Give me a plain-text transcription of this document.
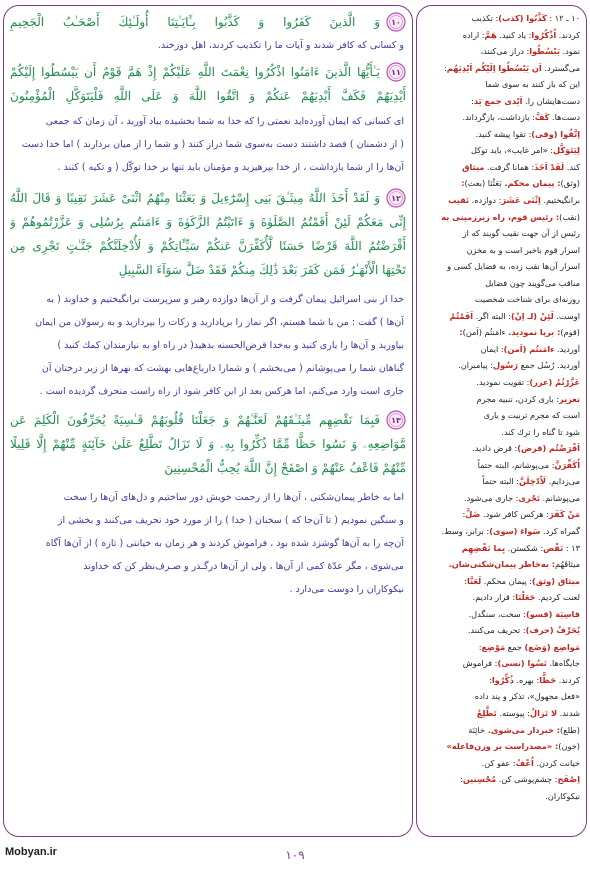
۱۰
وَ الَّذينَ كَفَرُوا وَ كَذَّبُوا بِـَٔايَـٰتِنَا أُولَـٰئِكَ أَصْحَـٰبُ الْجَحِيمِ
و كسانى كه كافر شدند و آيات ما را تكذيب كردند، اهل دوزخند.
۱۱
يَـٰأَيُّهَا الَّذينَ ءَامَنُوا اذْكُرُوا نِعْمَتَ اللَّهِ عَلَيْكُمْ إِذْ هَمَّ قَوْمٌ أَن يَبْسُطُوا إِلَيْكُمْ
أَيْدِيَهُمْ فَكَفَّ أَيْدِيَهُمْ عَنكُمْ وَ اتَّقُوا اللَّهَ وَ عَلَى اللَّهِ فَلْيَتَوَكَّلِ الْمُؤْمِنُونَ
اى كسانى كه ايمان آورده‌ايد نعمتى را كه خدا به شما بخشيده بياد آوريد ، آن زمان كه جمعى
( از دشمنان ) قصد داشتند دست به‌سوى شما دراز كنند ( و شما را از ميان بردارند ) اما خدا دست
آن‌ها را از شما بازداشت ، از خدا بپرهيزيد و مؤمنان بايد تنها بر خدا توكّل ( و تكيه ) كنند .
۱۲
وَ لَقَدْ أَخَذَ اللَّهُ مِيثَـٰقَ بَنِى إِسْرَٰٓءِيلَ وَ بَعَثْنَا مِنْهُمُ اثْنَىْ عَشَرَ نَقِيبًا وَ قَالَ اللَّهُ
إِنِّى مَعَكُمْ لَئِنْ أَقَمْتُمُ الصَّلَوٰةَ وَ ءَاتَيْتُمُ الزَّكَوٰةَ وَ ءَامَنتُم بِرُسُلِى وَ عَزَّرْتُمُوهُمْ وَ
أَقْرَضْتُمُ اللَّهَ قَرْضًا حَسَنًا لَّأُكَفِّرَنَّ عَنكُمْ سَيِّـَٔاتِكُمْ وَ لَأُدْخِلَنَّكُمْ جَنَّـٰتٍ تَجْرِى مِن
تَحْتِهَا الْأَنْهَـٰرُ فَمَن كَفَرَ بَعْدَ ذَٰلِكَ مِنكُمْ فَقَدْ ضَلَّ سَوَآءَ السَّبِيلِ
خدا از بنى اسرائيل پيمان گرفت و از آن‌ها دوازده رهبر و سرپرست برانگيختيم و خداوند ( به
آن‌ها ) گفت : من با شما هستم، اگر نماز را برپاداريد و زكات را بپردازيد و به رسولان من ايمان
بياوريد و آن‌ها را يارى كنيد و به‌خدا قرض‌الحسنه بدهيد( در راه او به نيازمندان كمك كنيد )
گناهان شما را مى‌پوشانم ( مى‌بخشم ) و شمارا دارباغ‌هايى بهشت كه نهرها از زير درختان آن
جارى است وارد مى‌كنم، اما هركس بعد از اين كافر شود از راه راست منحرف گرديده است .
۱۳
فَبِمَا نَقْضِهِم مِّيثَـٰقَهُمْ لَعَنَّـٰهُمْ وَ جَعَلْنَا قُلُوبَهُمْ قَـٰسِيَةً يُحَرِّفُونَ الْكَلِمَ عَن
مَّوَاضِعِهِۦ وَ نَسُوا حَظًّا مِّمَّا ذُكِّرُوا بِهِۦ وَ لَا تَزَالُ تَطَّلِعُ عَلَىٰ خَآئِنَةٍ مِّنْهُمْ إِلَّا قَلِيلًا
مِّنْهُمْ فَاعْفُ عَنْهُمْ وَ اصْفَحْ إِنَّ اللَّهَ يُحِبُّ الْمُحْسِنِينَ
اما به خاطر پيمان‌شكنى ، آن‌ها را از رحمت خويش دور ساختيم و دل‌هاى آن‌ها را سخت
و سنگين نموديم ( تا آن‌جا كه ) سخنان ( خدا ) را از مورد خود تحريف مى‌كنند و بخشى از
آن‌چه را به آن‌ها گوشزد شده بود ، فراموش كردند و هر زمان به خيانتى ( تازه ) از آن‌ها آگاه
مى‌شوى ، مگر عدّۀ كمى از آن‌ها ، ولى از آن‌ها درگـذر و صـرف‌نظر كن كه خداوند
نيكوكاران را دوست مى‌دارد .
۱۰ ـ ۱۲ : كَذَّبُوا (كذب): تكذيب
كردند. اُذْكُرُوا: ياد كنيد. هَمَّ: اراده
نمود. يَبْسُطُوا: دراز مى‌كنند،
مى‌گسترد. اَن يَبْسُطُوا اِلَيْكُم اَيْدِيَهُم:
اين كه باز كنند به سوى شما
دست‌هايشان را. اَيْدى جمع يَد:
دست‌ها. كَفَّ: بازداشت، بازگرداند.
اِتَّقُوا (وقى): تقوا پيشه كنيد.
لِيَتَوَكَّل: «امر غايب»، بايد توكل
كند. لَقَدْ اَخَذَ: همانا گرفت. ميثاق
(وثق): پيمان محكم. بَعَثْنَا (بعث):
برانگيختيم. اِثْنَى عَشَرَ: دوازده. نَقيب
(نقب): رئيس قوم، راه زيرزمينى به
رئيس از آن جهت نقيب گويند كه از
اسرار قوم باخبر است و به مخزن
اسرار آن‌ها نقب زده، به فضايل كسى و
مناقب مى‌گويند چون فضايل
روزنه‌اى براى شناخت شخصيت
اوست. لَئِنْ (لـ اِنْ): البته اگر. اَقَمْتُمْ
(قوم): برپا نموديد. ءامَنتُم (اَمن):
آورديد. ءامَنتُم (اَمن): ايمان
آورديد. رُسُل جمع رَسُول: پيامبران.
عَزَّرْتُمُ (عزر): تقويت نموديد.
تعزير: يارى كردن، تنبيه مجرم
است كه مجرم تربيت و يارى
شود تا گناه را ترك كند.
اَقْرَضْتُم (قرض): قرض داديد.
اُكَفِّرَنَّ: مى‌پوشانم، البته حتماً
مى‌زدايم. لَاُدْخِلَنَّ: البته حتماً
مى‌پوشانم. تَجْرى: جارى مى‌شود.
مَنْ كَفَرَ: هركس كافر شود. ضَلَّ:
گمراه كرد. سَواءَ (سوى): برابر، وسط.
۱۳ : نَقْض: شكستن. بِما نَقْضِهِم
ميثاقَهُم: به‌خاطر پيمان‌شكنى‌شان.
ميثاق (وثق): پيمان محكم. لَعَنَّا:
لعنت كرديم. جَعَلْنَا: قرار داديم.
قاسِيَة (قسو): سخت، سنگدل.
يُحَرِّفُ (حرف): تحريف مى‌كنند.
مَواضِع (وَضَع) جمع مَوْضِع:
جايگاه‌ها. نَسُوا (نسى): فراموش
كردند. حَظًّا: بهره. ذُكِّرُوا:
«فعل مجهول»، تذكر و پند داده
شدند. لا تَزالُ: پيوسته. تَطَّلِعُ
(طلع): خبردار مى‌شوى. خائِنَة
(خون): «مصدراست بر وزن‌فاعله»
خيانت كردن. اُعْفُ: عفو كن.
اِصْفَح: چشم‌پوشى كن. مُحْسِنين:
نيكوكاران.
Mobyan.ir	۱۰۹
